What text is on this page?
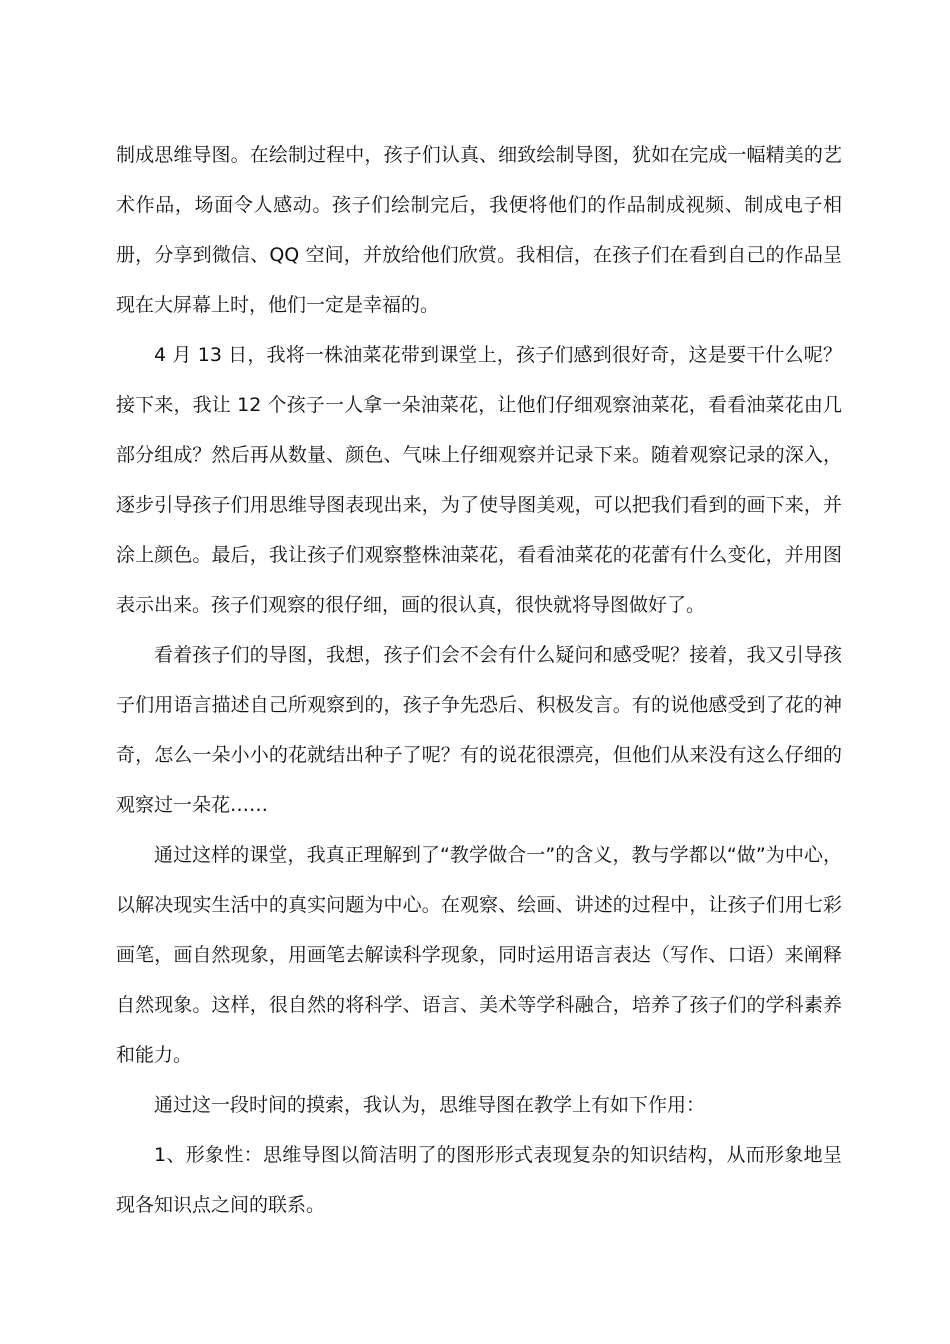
制成思维导图。在绘制过程中，孩子们认真、细致绘制导图，犹如在完成一幅精美的艺术作品，场面令人感动。孩子们绘制完后，我便将他们的作品制成视频、制成电子相册，分享到微信、QQ 空间，并放给他们欣赏。我相信，在孩子们在看到自己的作品呈现在大屏幕上时，他们一定是幸福的。

4 月 13 日，我将一株油菜花带到课堂上，孩子们感到很好奇，这是要干什么呢？接下来，我让 12 个孩子一人拿一朵油菜花，让他们仔细观察油菜花，看看油菜花由几部分组成？然后再从数量、颜色、气味上仔细观察并记录下来。随着观察记录的深入，逐步引导孩子们用思维导图表现出来，为了使导图美观，可以把我们看到的画下来，并涂上颜色。最后，我让孩子们观察整株油菜花，看看油菜花的花蕾有什么变化，并用图表示出来。孩子们观察的很仔细，画的很认真，很快就将导图做好了。

看着孩子们的导图，我想，孩子们会不会有什么疑问和感受呢？接着，我又引导孩子们用语言描述自己所观察到的，孩子争先恐后、积极发言。有的说他感受到了花的神奇，怎么一朵小小的花就结出种子了呢？有的说花很漂亮，但他们从来没有这么仔细的观察过一朵花……

通过这样的课堂，我真正理解到了“教学做合一”的含义，教与学都以“做”为中心，以解决现实生活中的真实问题为中心。在观察、绘画、讲述的过程中，让孩子们用七彩画笔，画自然现象，用画笔去解读科学现象，同时运用语言表达（写作、口语）来阐释自然现象。这样，很自然的将科学、语言、美术等学科融合，培养了孩子们的学科素养和能力。

通过这一段时间的摸索，我认为，思维导图在教学上有如下作用：

1、形象性：思维导图以简洁明了的图形形式表现复杂的知识结构，从而形象地呈现各知识点之间的联系。
